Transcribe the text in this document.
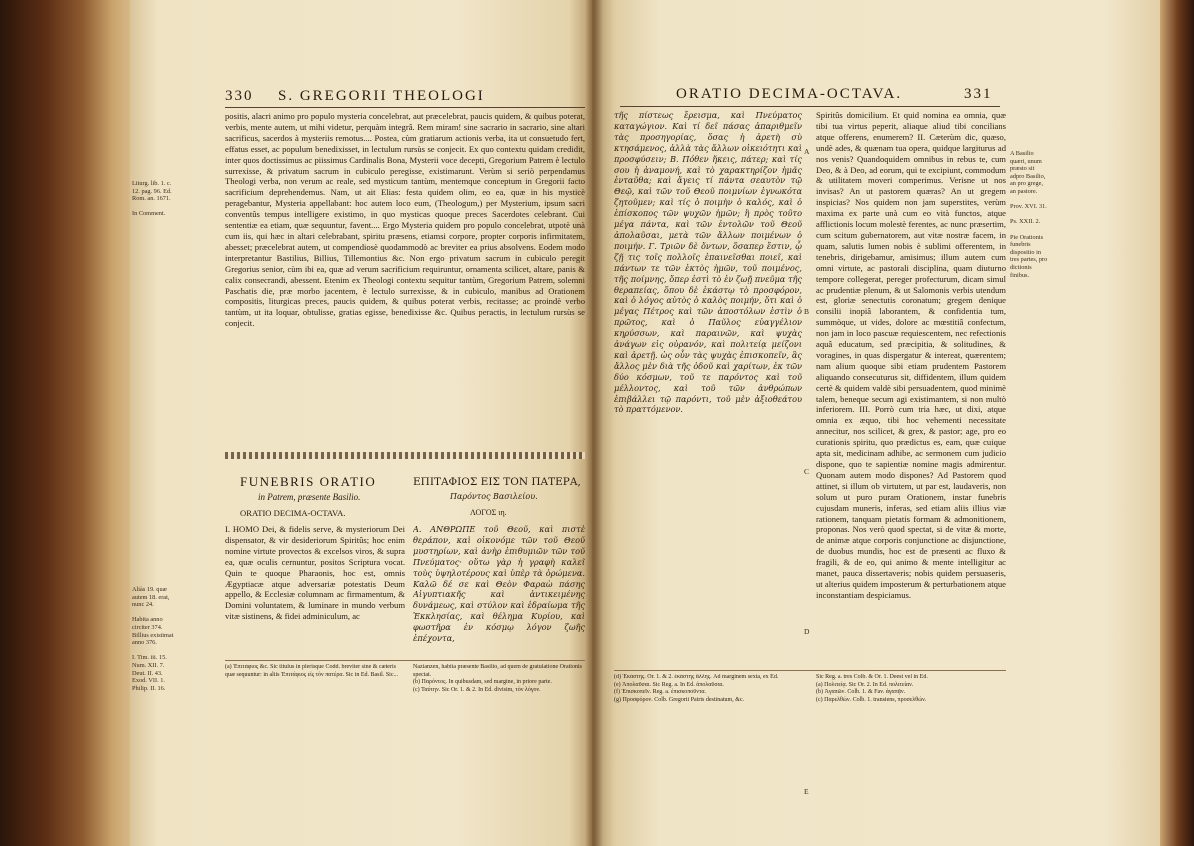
330 S. GREGORII THEOLOGI
Liturg. lib. 1. c. 12. pag. 96. Ed. Rom. an. 1671.

In Comment.

positis, alacri animo pro populo mysteria concelebrat, aut præcelebrat, paucis quidem, & quibus poterat, verbis, mente autem, ut mihi videtur, perquàm integrâ. Rem miram! sine sacrario in sacrario, sine altari sacrificus, sacerdos à mysteriis remotus.... Postea, cùm gratiarum actionis verba, ita ut consuetudo fert, effatus esset, ac populum benedixisset, in lectulum rursùs se conjecit. Ex quo contextu quidam credidit, inter quos doctissimus ac piissimus Cardinalis Bona, Mysterii voce decepti, Gregorium Patrem è lectulo surrexisse, & privatum sacrum in cubiculo peregisse, existimarunt. Verùm si seriò perpendamus Theologi verba, non verum ac reale, sed mysticum tantùm, mentemque conceptum in Gregorii facto sacrificium deprehendemus. Nam, ut ait Elias: festa quidem olim, eo ea, quæ in his mysticè peragebantur, Mysteria appellabant: hoc autem loco eum, (Theologum,) per Mysterium, ipsum sacri conventûs tempus intelligere existimo, in quo mysticas quoque preces Sacerdotes celebrant. Cui sententiæ ea etiam, quæ sequuntur, favent.... Ergo Mysteria quidem pro populo concelebrat, utpotè unà cum iis, qui hæc in altari celebrabant, spiritu præsens, etiamsi corpore, propter corporis infirmitatem, abesset; præcelebrat autem, ut compendiosè quodammodò ac breviter ea prius absolvens. Eodem modo interpretantur Bastilius, Billius, Tillemontius &c. Non ergo privatum sacrum in cubiculo peregit Gregorius senior, cùm ibi ea, quæ ad verum sacrificium requiruntur, ornamenta scilicet, altare, panis & calix consecrandi, abessent. Etenim ex Theologi contextu sequitur tantùm, Gregorium Patrem, solemni Paschatis die, præ morbo jacentem, è lectulo surrexisse, & in cubiculo, manibus ad Orationem compositis, liturgicas preces, paucis quidem, & quibus poterat verbis, recitasse; ac proindè verbo tantùm, ut ita loquar, obtulisse, gratias egisse, benedixisse &c. Quibus peractis, in lectulum rursùs se conjecit.

FUNEBRIS ORATIO
in Patrem, præsente Basilio.
ORATIO DECIMA-OCTAVA.
ΕΠΙΤΑΦΙΟΣ ΕΙΣ ΤΟΝ ΠΑΤΕΡΑ,
Παρόντος Βασιλείου.
ΛΟΓΟΣ ιη.
Aliàs 19. quæ autem 18. erat, nunc 24.

Habita anno circiter 374.
Billius existimat anno 376.

I. Tim. iii. 15. Num. XII. 7. Deut. II. 43. Exod. VII. 1. Philip. II. 16.

I. HOMO Dei, & fidelis serve, & mysteriorum Dei dispensator, & vir desideriorum Spiritûs; hoc enim nomine virtute provectos & excelsos viros, & supra ea, quæ oculis cernuntur, positos Scriptura vocat. Quin te quoque Pharaonis, hoc est, omnis Ægyptiacæ atque adversariæ potestatis Deum appello, & Ecclesiæ columnam ac firmamentum, & Domini voluntatem, & luminare in mundo verbum vitæ sistinens, & fidei adminiculum, ac

A. ΑΝΘΡΩΠΕ τοῦ Θεοῦ, καὶ πιστὲ θεράπον, καὶ οἰκονόμε τῶν τοῦ Θεοῦ μυστηρίων, καὶ ἀνὴρ ἐπιθυμιῶν τῶν τοῦ Πνεύματος· οὕτω γὰρ ἡ γραφὴ καλεῖ τοὺς ὑψηλοτέρους καὶ ὑπὲρ τὰ ὁρώμενα. Καλῶ δέ σε καὶ Θεὸν Φαραὼ πάσης Αἰγυπτιακῆς καὶ ἀντικειμένης δυνάμεως, καὶ στύλον καὶ ἑδραίωμα τῆς Ἐκκλησίας, καὶ θέλημα Κυρίου, καὶ φωστῆρα ἐν κόσμῳ λόγον ζωῆς ἐπέχοντα,

(a) Ἐπιτάφιος &c. Sic titulus in plerisque Codd. breviter sine & cæteris quæ sequuntur: in aliis Ἐπιτάφιος εἰς τὸν πατέρα. Sic in Ed. Basil. Sic...
Nazianzen, habita præsente Basilio, ad quem de gratulatione Orationis spectat.
(b) Παρόντος. In quibusdam, sed margine, in priore parte.
(c) Ταύτην. Sic Or. 1. & 2. In Ed. divisim, τὸν λόγον.
ORATIO DECIMA-OCTAVA.	331

τῆς πίστεως ἔρεισμα, καὶ Πνεύματος καταγώγιον. Καὶ τί δεῖ πάσας ἀπαριθμεῖν τὰς προσηγορίας, ὅσας ἡ ἀρετὴ σὺ κτησάμενος, ἀλλὰ τὰς ἄλλων οἰκειότητι καὶ προσφύσειν; B. Πόθεν ἥκεις, πάτερ; καὶ τίς σου ἡ ἀναμονή, καὶ τὸ χαρακτηρίζον ἡμᾶς ἐνταῦθα; καὶ ἄγεις τί πάντα σεαυτὸν τῷ Θεῷ, καὶ τῶν τοῦ Θεοῦ ποιμνίων ἐγνωκότα ζητοῦμεν; καὶ τίς ὁ ποιμὴν ὁ καλός, καὶ ὁ ἐπίσκοπος τῶν ψυχῶν ἡμῶν; ἢ πρὸς τοῦτο μέγα πάντα, καὶ τῶν ἐντολῶν τοῦ Θεοῦ ἀπολαῦσαι, μετὰ τῶν ἄλλων ποιμένων ὁ ποιμήν. Γ. Τριῶν δὲ ὄντων, ὅσαπερ ἔστιν, ᾧ ζῇ τις τοῖς πολλοῖς ἐπαινεῖσθαι ποιεῖ, καὶ πάντων τε τῶν ἐκτὸς ἡμῶν, τοῦ ποιμένος, τῆς ποίμνης, ὅπερ ἐστὶ τὸ ἐν ζωῇ πνεῦμα τῆς θεραπείας, ὅπου δὲ ἑκάστῳ τὸ προσφόρον, καὶ ὁ λόγος αὐτὸς ὁ καλὸς ποιμήν, ὅτι καὶ ὁ μέγας Πέτρος καὶ τῶν ἀποστόλων ἐστὶν ὁ πρῶτος, καὶ ὁ Παῦλος εὐαγγέλιον κηρύσσων, καὶ παραινῶν, καὶ ψυχὰς ἀνάγων εἰς οὐρανόν, καὶ πολιτείᾳ μείζονι καὶ ἀρετῇ. ὡς οὖν τὰς ψυχὰς ἐπισκοπεῖν, ἃς ἄλλος μὲν διὰ τῆς ὁδοῦ καὶ χαρίτων, ἐκ τῶν δύο κόσμων, τοῦ τε παρόντος καὶ τοῦ μέλλοντος, καὶ τοῦ τῶν ἀνθρώπων ἐπιβάλλει τῷ παρόντι, τοῦ μὲν ἀξιοθεάτου τὸ πραττόμενον.

A

B

C

D

E

Spiritûs domicilium. Et quid nomina ea omnia, quæ tibi tua virtus peperit, aliaque aliud tibi concilians atque offerens, enumerem? II. Cæterùm dic, quæso, undè ades, & quænam tua opera, quidque largiturus ad nos venis? Quandoquidem omnibus in rebus te, cum Deo, & à Deo, ad eorum, qui te excipiunt, commodum & utilitatem moveri comperimus. Verisne ut nos invisas? An ut pastorem quæras? An ut gregem inspicias? Nos quidem non jam superstites, verùm maxima ex parte unà cum eo vità functos, atque afflictionis locum molestè ferentes, ac nunc præsertim, cum scitum gubernatorem, aut vitæ nostræ facem, in quam, salutis lumen nobis è sublimi offerentem, in tenebris, dirigebamur, amisimus; illum autem cum omni virtute, ac pastorali disciplina, quam diuturno tempore collegerat, pereger profecturum, dicam simul ac prudentiæ plenum, & ut Salomonis verbis utendum est, gloriæ senectutis coronatum; gregem denique consilii inopiâ laborantem, & confidentia tum, summòque, ut vides, dolore ac mœstitiâ confectum, non jam in loco pascuæ requiescentem, nec refectionis aquâ educatum, sed præcipitia, & solitudines, & voragines, in quas dispergatur & intereat, quærentem; nam alium quoque sibi etiam prudentem Pastorem aliquando consecuturus sit, diffidentem, illum quidem certè & quidem valdè sibi persuadentem, quod minimè talem, beneque secum agi existimantem, si non multò inferiorem. III. Porrò cum tria hæc, ut dixi, atque omnia ex æquo, tibi hoc vehementi necessitate annecitur, nos scilicet, & grex, & pastor; age, pro eo curationis spiritu, quo prædictus es, eam, quæ cuique apta sit, medicinam adhibe, ac sermonem cum judicio dispone, quo te sapientiæ nomine magis admirentur. Quonam autem modo dispones? Ad Pastorem quod attinet, si illum ob virtutem, ut par est, laudaveris, non solum ut puro puram Orationem, instar funebris cujusdam muneris, inferas, sed etiam aliis illius viæ rationem, tanquam pietatis formam & admonitionem, proponas. Nos verò quod spectat, si de vitæ & morte, de animæ atque corporis conjunctione ac disjunctione, de duobus mundis, hoc est de præsenti ac fluxo & fragili, & de eo, qui animo & mente intelligitur ac manet, pauca dissertaveris; nobis quidem persuaseris, ut alterius quidem imposterum & perturbationem atque inconstantiam despiciamus.

A Basilio quæri, unum præsto sit adpro Basilio, an pro grege, an pastore.

Prov. XVI. 31.

Ps. XXII. 2.

Pie Orationis funebris dispositio in tres partes, pro dictionis finibus.
(d) Ἑκάστης. Or. 1. & 2. ἑκάστης ἄλλης. Ad marginem sexta, ex Ed.
(e) Ἀπολαῦσαι. Sic Reg. a. In Ed. ἀπολαῦσαι.
(f) Ἐπισκοπεῖν. Reg. a. ἐπισκοποῦντα.
(g) Προσφόρον. Colb. Gregorii Patris destinatum, &c.
Sic Reg. a. tres Colb. & Or. 1. Deest vel in Ed.
(a) Πολιτείᾳ. Sic Or. 2. In Ed. πολιτείαν.
(b) Ἀγαπῶν. Colb. 1. & Fav. ἀγαπᾷν.
(c) Παρελθών. Colb. 1. transiens, προσελθών.
